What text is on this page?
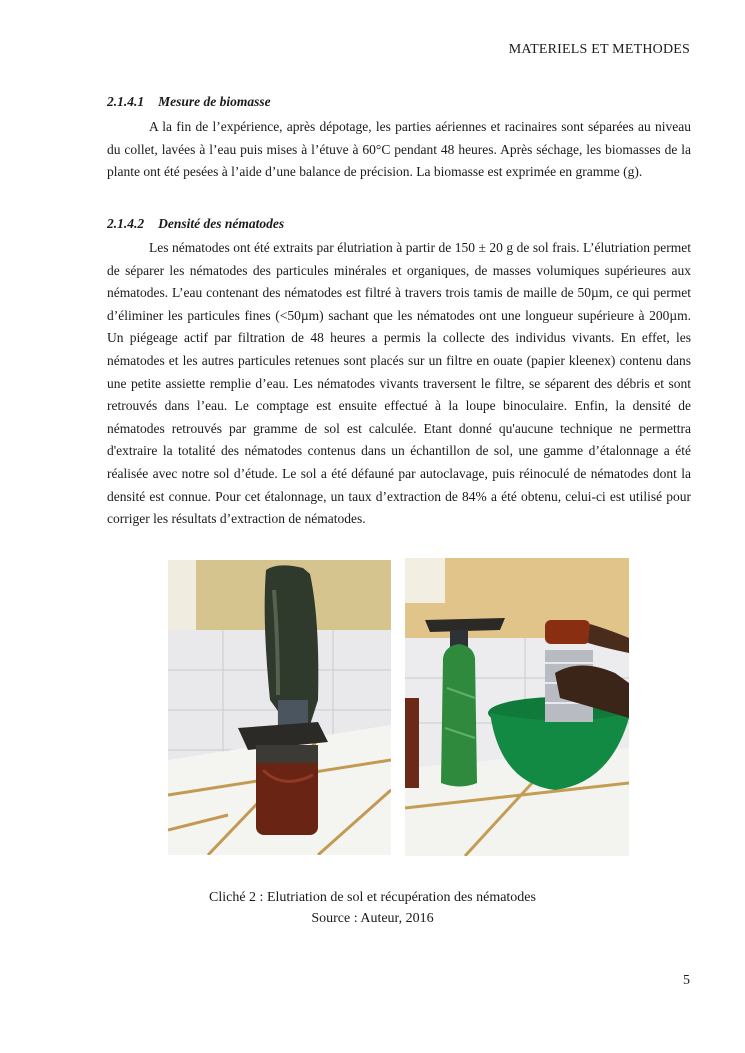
MATERIELS ET METHODES
2.1.4.1 Mesure de biomasse

A la fin de l’expérience, après dépotage, les parties aériennes et racinaires sont séparées au niveau du collet, lavées à l’eau puis mises à l’étuve à 60°C pendant 48 heures. Après séchage, les biomasses de la plante ont été pesées à l’aide d’une balance de précision. La biomasse est exprimée en gramme (g).

2.1.4.2 Densité des nématodes

Les nématodes ont été extraits par élutriation à partir de 150 ± 20 g de sol frais. L’élutriation permet de séparer les nématodes des particules minérales et organiques, de masses volumiques supérieures aux nématodes. L’eau contenant des nématodes est filtré à travers trois tamis de maille de 50µm, ce qui permet d’éliminer les particules fines (<50µm) sachant que les nématodes ont une longueur supérieure à 200µm. Un piégeage actif par filtration de 48 heures a permis la collecte des individus vivants. En effet, les nématodes et les autres particules retenues sont placés sur un filtre en ouate (papier kleenex) contenu dans une petite assiette remplie d’eau. Les nématodes vivants traversent le filtre, se séparent des débris et sont retrouvés dans l’eau. Le comptage est ensuite effectué à la loupe binoculaire. Enfin, la densité de nématodes retrouvés par gramme de sol est calculée. Etant donné qu'aucune technique ne permettra d'extraire la totalité des nématodes contenus dans un échantillon de sol, une gamme d’étalonnage a été réalisée avec notre sol d’étude. Le sol a été défauné par autoclavage, puis réinoculé de nématodes dont la densité est connue. Pour cet étalonnage, un taux d’extraction de 84% a été obtenu, celui-ci est utilisé pour corriger les résultats d’extraction de nématodes.

Cliché 2 : Elutriation de sol et récupération des nématodes
Source : Auteur, 2016
5
